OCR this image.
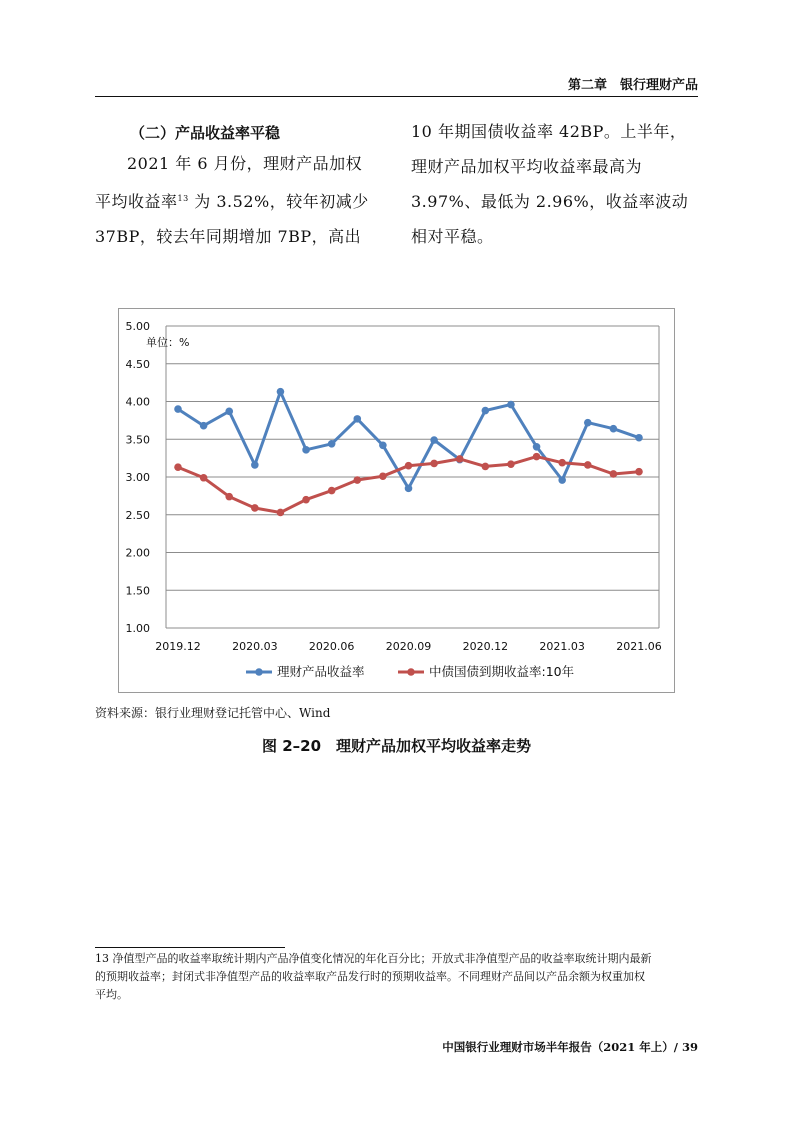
第二章　银行理财产品
（二）产品收益率平稳

2021 年 6 月份，理财产品加权

平均收益率$^{13}$ 为 3.52%，较年初减少

37BP，较去年同期增加 7BP，高出

10 年期国债收益率 42BP。上半年，

理财产品加权平均收益率最高为

3.97%、最低为 2.96%，收益率波动

相对平稳。

5.00
4.50
4.00
3.50
3.00
2.50
2.00
1.50
1.00
2019.12	2020.03	2020.06	2020.09	2020.12	2021.03	2021.06
单位：%
理财产品收益率	中债国债到期收益率:10年
资料来源：银行业理财登记托管中心、Wind
图 2–20　理财产品加权平均收益率走势
13 净值型产品的收益率取统计期内产品净值变化情况的年化百分比；开放式非净值型产品的收益率取统计期内最新
的预期收益率；封闭式非净值型产品的收益率取产品发行时的预期收益率。不同理财产品间以产品余额为权重加权
平均。
中国银行业理财市场半年报告（2021 年上）/ 39
